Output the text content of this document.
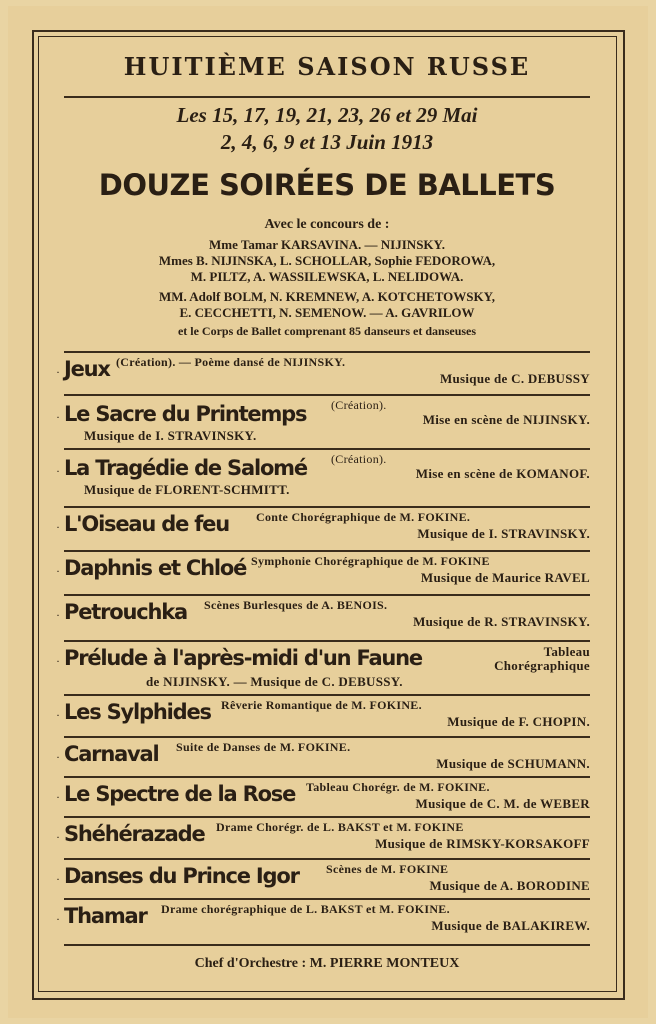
HUITIÈME SAISON RUSSE
Les 15, 17, 19, 21, 23, 26 et 29 Mai
2, 4, 6, 9 et 13 Juin 1913
DOUZE SOIRÉES DE BALLETS
Avec le concours de :
Mme Tamar KARSAVINA. — NIJINSKY.
Mmes B. NIJINSKA, L. SCHOLLAR, Sophie FEDOROWA,
M. PILTZ, A. WASSILEWSKA, L. NELIDOWA.
MM. Adolf BOLM, N. KREMNEW, A. KOTCHETOWSKY,
E. CECCHETTI, N. SEMENOW. — A. GAVRILOW
et le Corps de Ballet comprenant 85 danseurs et danseuses
· Jeux (Création). — Poème dansé de NIJINSKY.
Musique de C. DEBUSSY
· Le Sacre du Printemps (Création).
Mise en scène de NIJINSKY.
Musique de I. STRAVINSKY.
· La Tragédie de Salomé (Création).
Mise en scène de KOMANOF.
Musique de FLORENT-SCHMITT.
· L'Oiseau de feu Conte Chorégraphique de M. FOKINE.
Musique de I. STRAVINSKY.
· Daphnis et Chloé Symphonie Chorégraphique de M. FOKINE
Musique de Maurice RAVEL
· Petrouchka Scènes Burlesques de A. BENOIS.
Musique de R. STRAVINSKY.
· Prélude à l'après-midi d'un Faune	Tableau
Chorégraphique
de NIJINSKY. — Musique de C. DEBUSSY.
· Les Sylphides Rêverie Romantique de M. FOKINE.
Musique de F. CHOPIN.
· Carnaval Suite de Danses de M. FOKINE.
Musique de SCHUMANN.
· Le Spectre de la Rose Tableau Chorégr. de M. FOKINE.
Musique de C. M. de WEBER
· Shéhérazade Drame Chorégr. de L. BAKST et M. FOKINE
Musique de RIMSKY-KORSAKOFF
· Danses du Prince Igor Scènes de M. FOKINE
Musique de A. BORODINE
· Thamar Drame chorégraphique de L. BAKST et M. FOKINE.
Musique de BALAKIREW.
Chef d'Orchestre : M. PIERRE MONTEUX
